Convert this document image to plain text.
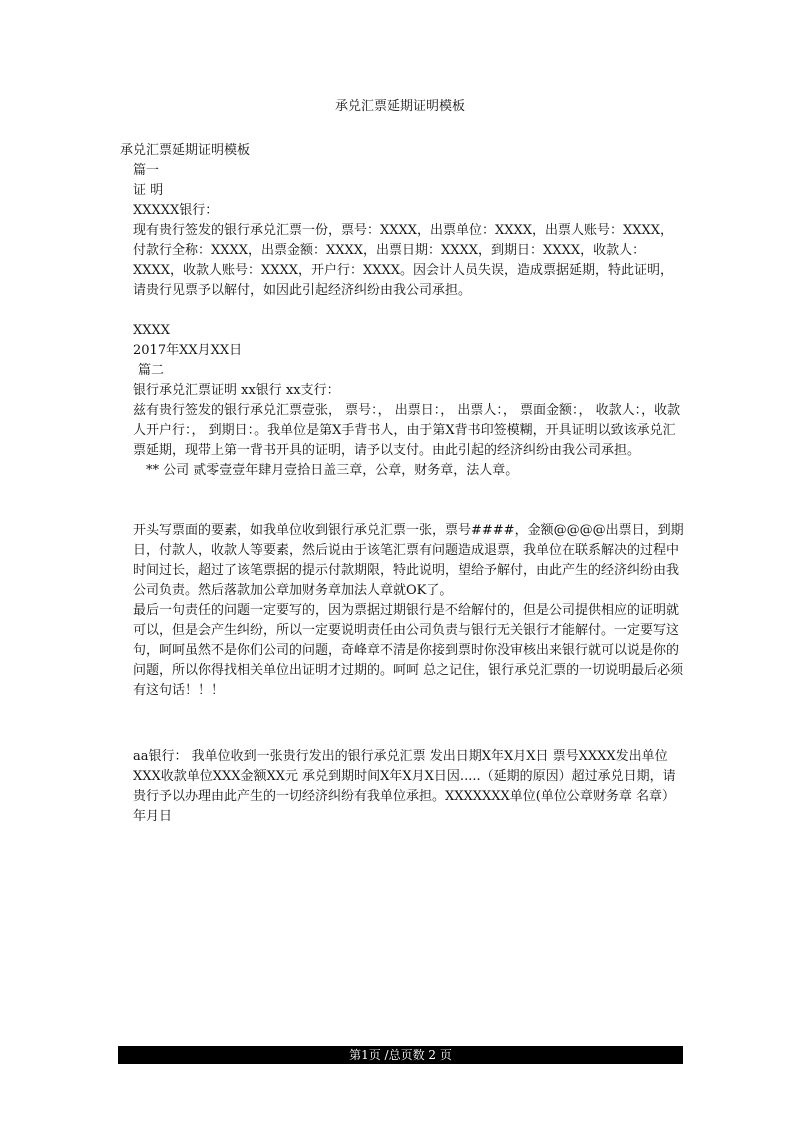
承兑汇票延期证明模板

承兑汇票延期证明模板

篇一

证 明

XXXXX银行：

现有贵行签发的银行承兑汇票一份，票号：XXXX，出票单位：XXXX，出票人账号：XXXX，付款行全称：XXXX，出票金额：XXXX，出票日期：XXXX，到期日：XXXX，收款人：XXXX，收款人账号：XXXX，开户行：XXXX。因会计人员失误，造成票据延期，特此证明，请贵行见票予以解付，如因此引起经济纠纷由我公司承担。

XXXX

2017年XX月XX日

篇二

银行承兑汇票证明 xx银行 xx支行：

兹有贵行签发的银行承兑汇票壹张， 票号：， 出票日：， 出票人：， 票面金额：， 收款人：，收款人开户行：， 到期日：。我单位是第X手背书人，由于第X背书印签模糊，开具证明以致该承兑汇票延期，现带上第一背书开具的证明，请予以支付。由此引起的经济纠纷由我公司承担。

** 公司 贰零壹壹年肆月壹拾日盖三章，公章，财务章，法人章。

开头写票面的要素，如我单位收到银行承兑汇票一张，票号####，金额@@@@出票日，到期日，付款人，收款人等要素，然后说由于该笔汇票有问题造成退票，我单位在联系解决的过程中时间过长，超过了该笔票据的提示付款期限，特此说明，望给予解付，由此产生的经济纠纷由我公司负责。然后落款加公章加财务章加法人章就OK了。

最后一句责任的问题一定要写的，因为票据过期银行是不给解付的，但是公司提供相应的证明就可以，但是会产生纠纷，所以一定要说明责任由公司负责与银行无关银行才能解付。一定要写这句，呵呵虽然不是你们公司的问题，奇峰章不清是你接到票时你没审核出来银行就可以说是你的问题，所以你得找相关单位出证明才过期的。呵呵 总之记住，银行承兑汇票的一切说明最后必须有这句话！！！

aa银行： 我单位收到一张贵行发出的银行承兑汇票 发出日期X年X月X日 票号XXXX发出单位XXX收款单位XXX金额XX元 承兑到期时间X年X月X日因.....（延期的原因）超过承兑日期，请贵行予以办理由此产生的一切经济纠纷有我单位承担。XXXXXXX单位(单位公章财务章 名章）年月日

第1页 /总页数 2 页
